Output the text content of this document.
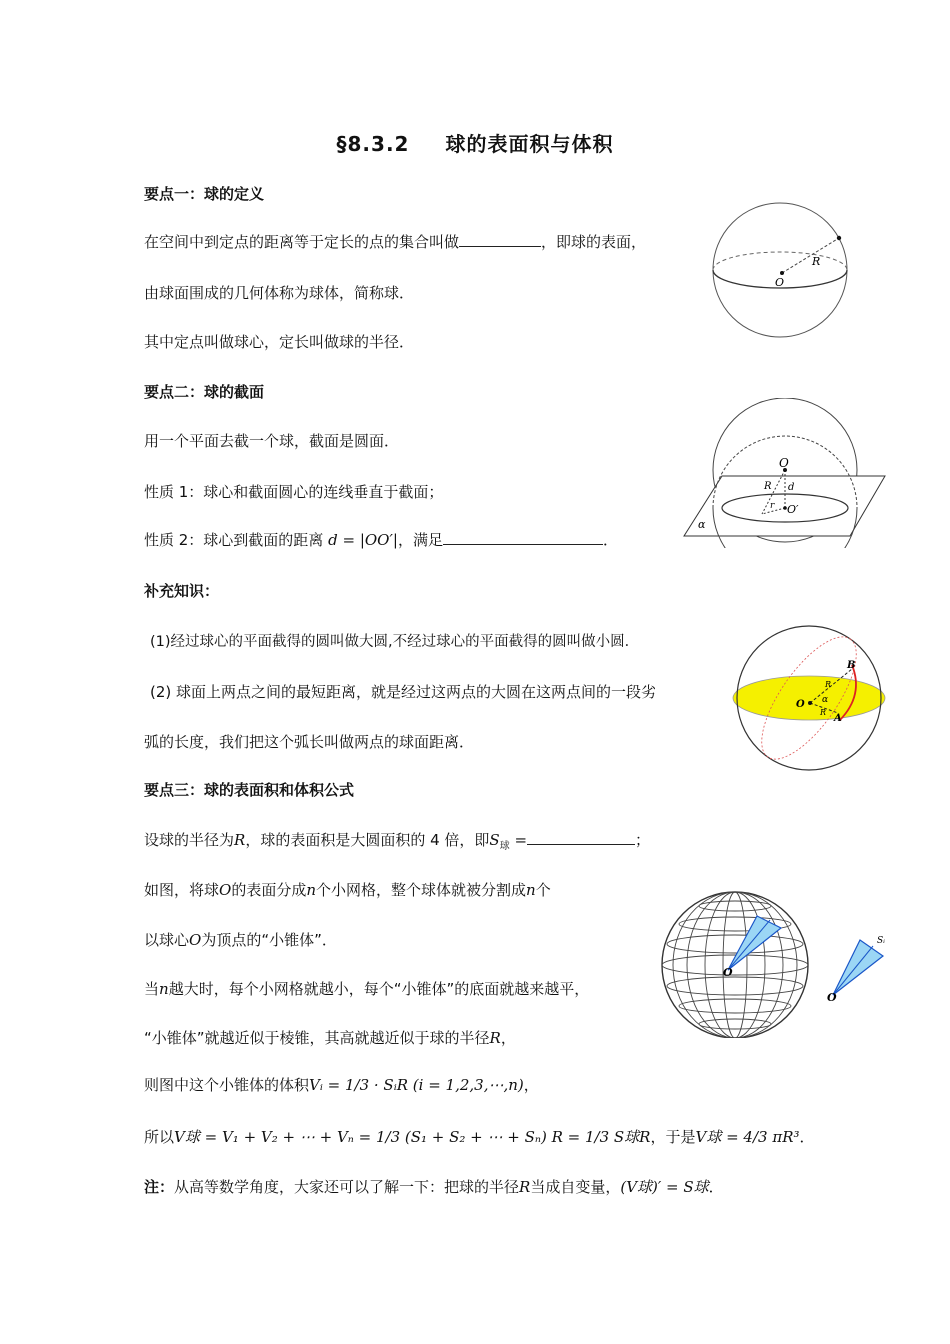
§8.3.2 球的表面积与体积
要点一：球的定义
在空间中到定点的距离等于定长的点的集合叫做	，即球的表面，
由球面围成的几何体称为球体，简称球．
其中定点叫做球心，定长叫做球的半径．
R
O
要点二：球的截面
用一个平面去截一个球，截面是圆面．
性质 1：球心和截面圆心的连线垂直于截面；
性质 2：球心到截面的距离 d = |OO′|，满足	．
O
R d
r O′
α
补充知识：
(1)经过球心的平面截得的圆叫做大圆,不经过球心的平面截得的圆叫做小圆．
(2) 球面上两点之间的最短距离，就是经过这两点的大圆在这两点间的一段劣
弧的长度，我们把这个弧长叫做两点的球面距离．
B
A
O
R
R
α
要点三：球的表面积和体积公式
设球的半径为R，球的表面积是大圆面积的 4 倍，即$S_球$ =	；
如图，将球O的表面分成n个小网格，整个球体就被分割成n个
以球心O为顶点的“小锥体”．
当n越大时，每个小网格就越小，每个“小锥体”的底面就越来越平，
“小锥体”就越近似于棱锥，其高就越近似于球的半径R，
则图中这个小锥体的体积Vᵢ = 1/3 · SᵢR (i = 1,2,3,⋯,n)，
所以V球 = V₁ + V₂ + ⋯ + Vₙ = 1/3 (S₁ + S₂ + ⋯ + Sₙ) R = 1/3 S球R，于是V球 = 4/3 πR³．
O
O
Sᵢ
注：从高等数学角度，大家还可以了解一下：把球的半径R当成自变量，(V球)′ = S球．
